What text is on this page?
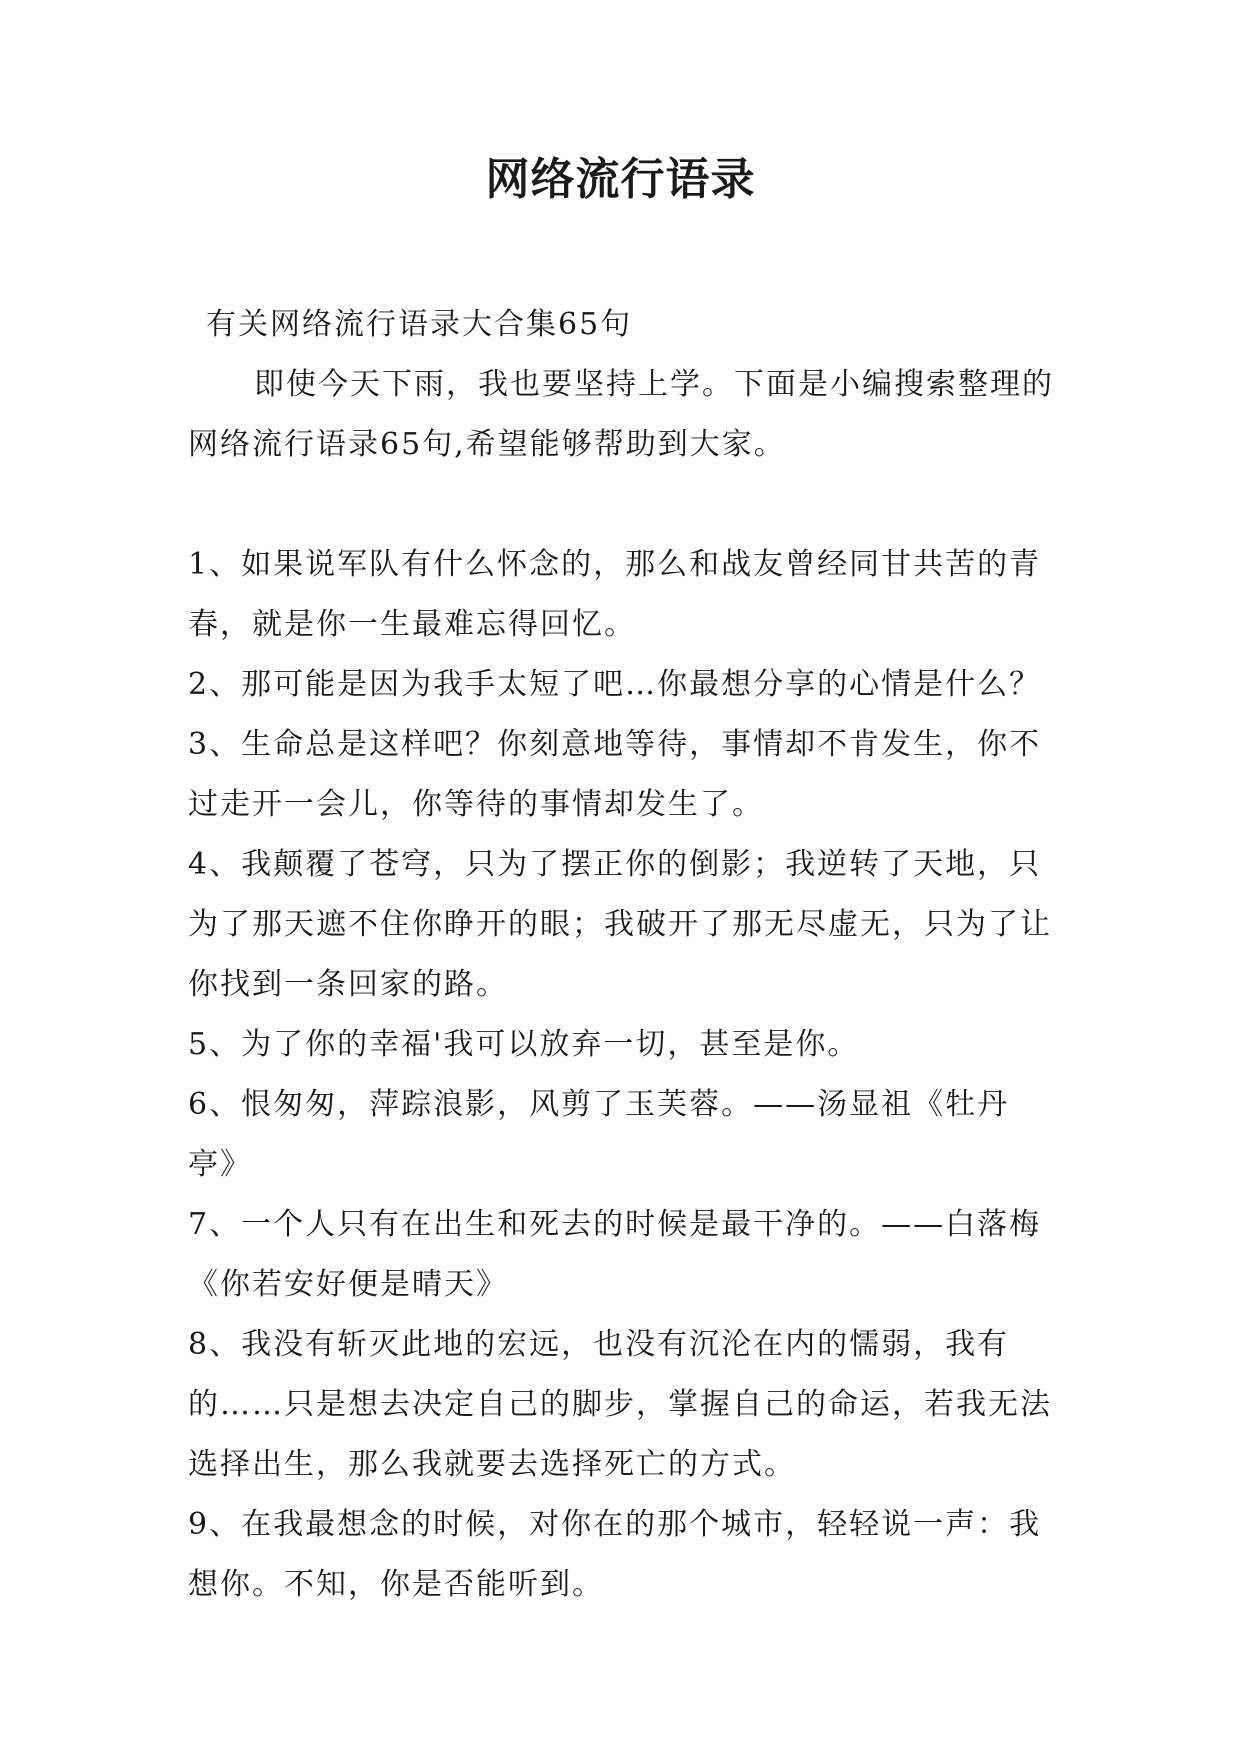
网络流行语录

有关网络流行语录大合集65句

即使今天下雨，我也要坚持上学。下面是小编搜索整理的网络流行语录65句,希望能够帮助到大家。

1、如果说军队有什么怀念的，那么和战友曾经同甘共苦的青春，就是你一生最难忘得回忆。

2、那可能是因为我手太短了吧…你最想分享的心情是什么？

3、生命总是这样吧？你刻意地等待，事情却不肯发生，你不过走开一会儿，你等待的事情却发生了。

4、我颠覆了苍穹，只为了摆正你的倒影；我逆转了天地，只为了那天遮不住你睁开的眼；我破开了那无尽虚无，只为了让你找到一条回家的路。

5、为了你的幸福'我可以放弃一切，甚至是你。

6、恨匆匆，萍踪浪影，风剪了玉芙蓉。——汤显祖《牡丹亭》

7、一个人只有在出生和死去的时候是最干净的。——白落梅《你若安好便是晴天》

8、我没有斩灭此地的宏远，也没有沉沦在内的懦弱，我有的……只是想去决定自己的脚步，掌握自己的命运，若我无法选择出生，那么我就要去选择死亡的方式。

9、在我最想念的时候，对你在的那个城市，轻轻说一声：我想你。不知，你是否能听到。
